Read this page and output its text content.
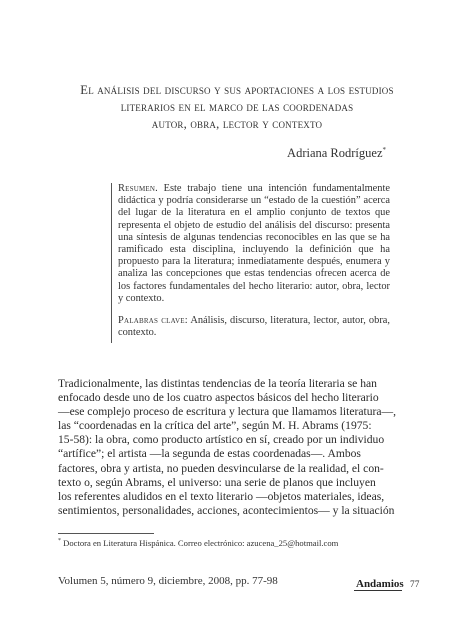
El análisis del discurso y sus aportaciones a los estudios
literarios en el marco de las coordenadas
autor, obra, lector y contexto
Adriana Rodríguez*
Resumen. Este trabajo tiene una intención fundamentalmente didáctica y podría considerarse un “estado de la cuestión” acerca del lugar de la literatura en el amplio conjunto de textos que representa el objeto de estudio del análisis del discurso: presenta una síntesis de algunas tendencias reconocibles en las que se ha ramificado esta disciplina, incluyendo la definición que ha propuesto para la literatura; inmediatamente después, enumera y analiza las concepciones que estas tendencias ofrecen acerca de los factores fundamentales del hecho literario: autor, obra, lector y contexto.
Palabras clave: Análisis, discurso, literatura, lector, autor, obra, contexto.
Tradicionalmente, las distintas tendencias de la teoría literaria se han
enfocado desde uno de los cuatro aspectos básicos del hecho literario
—ese complejo proceso de escritura y lectura que llamamos literatura—,
las “coordenadas en la crítica del arte”, según M. H. Abrams (1975:
15-58): la obra, como producto artístico en sí, creado por un individuo
“artífice”; el artista —la segunda de estas coordenadas—. Ambos
factores, obra y artista, no pueden desvincularse de la realidad, el con-
texto o, según Abrams, el universo: una serie de planos que incluyen
los referentes aludidos en el texto literario —objetos materiales, ideas,
sentimientos, personalidades, acciones, acontecimientos— y la situación
* Doctora en Literatura Hispánica. Correo electrónico: azucena_25@hotmail.com
Volumen 5, número 9, diciembre, 2008, pp. 77-98	Andamios 77
